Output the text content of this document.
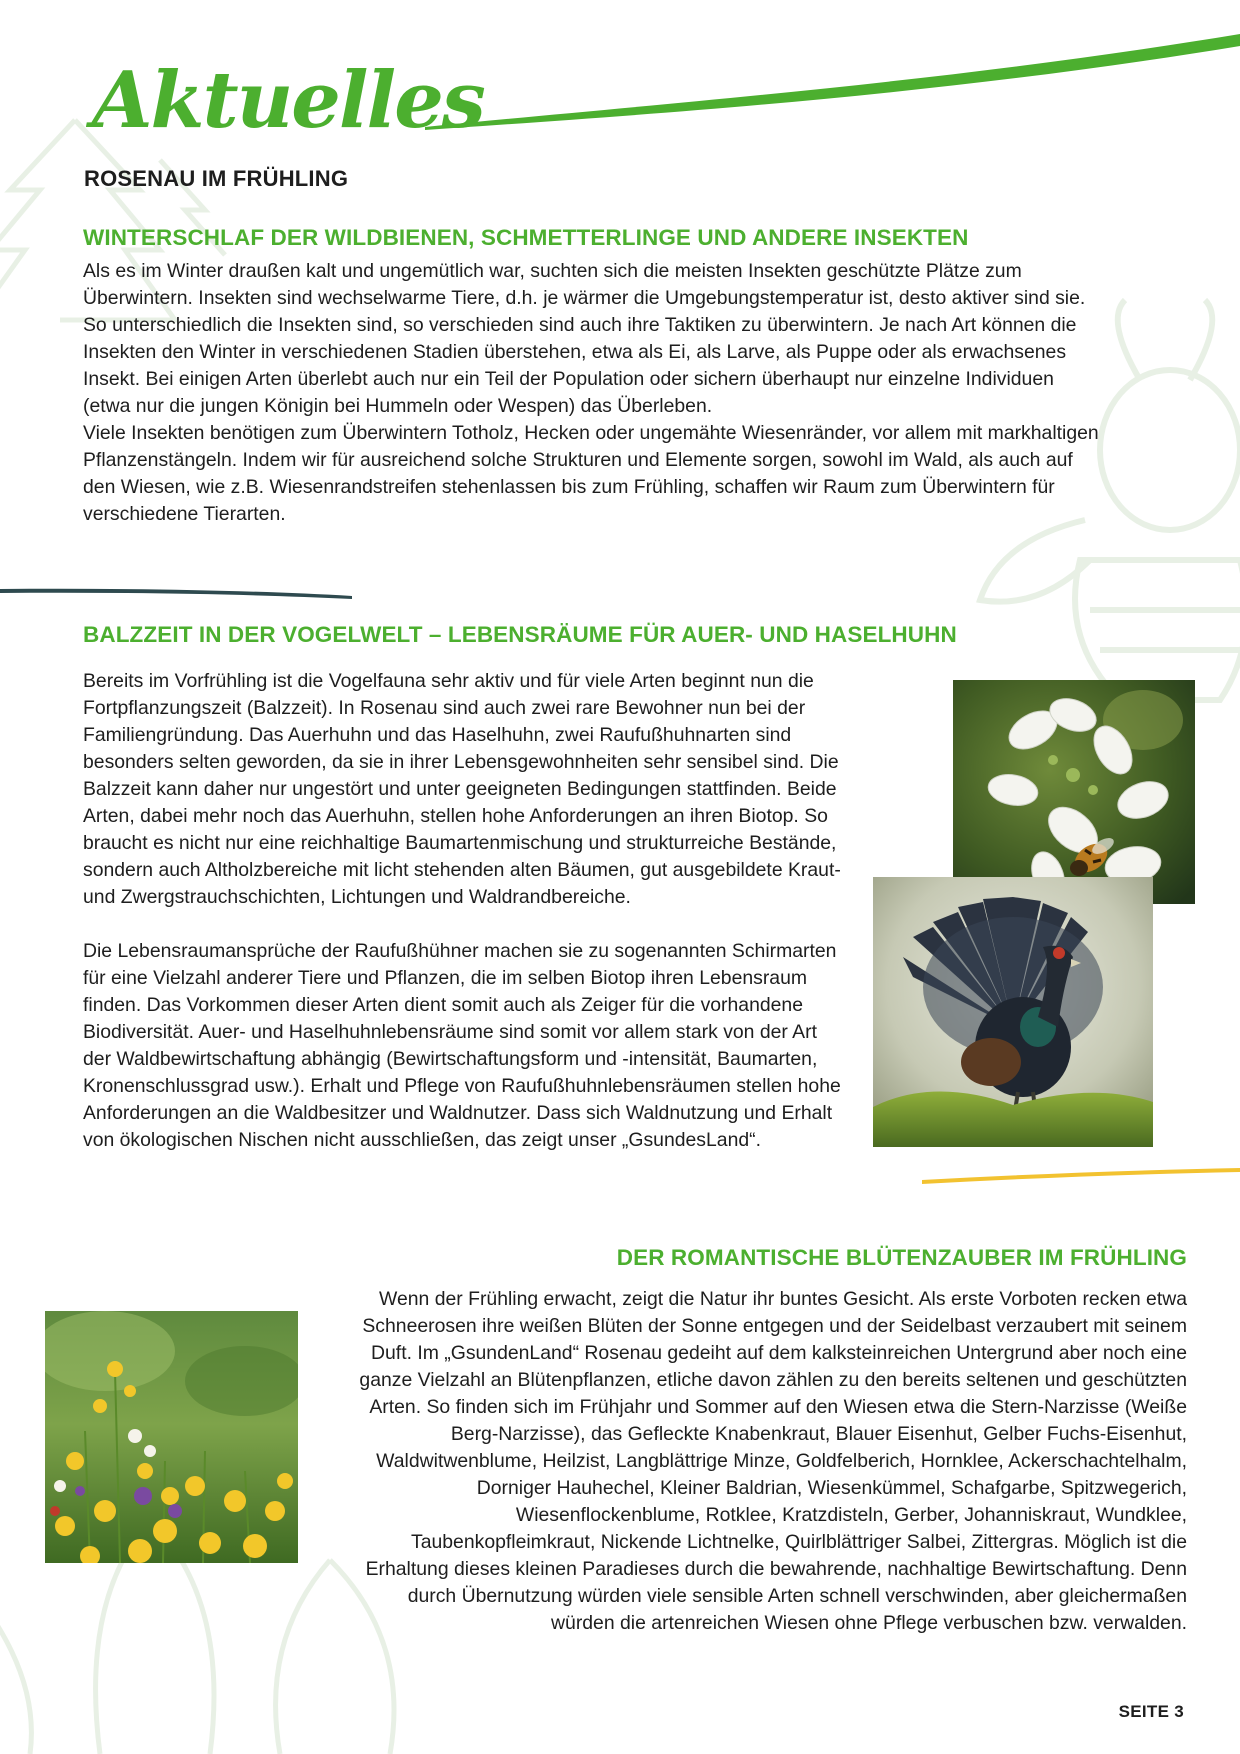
Aktuelles
ROSENAU IM FRÜHLING
WINTERSCHLAF DER WILDBIENEN, SCHMETTERLINGE UND ANDERE INSEKTEN

Als es im Winter draußen kalt und ungemütlich war, suchten sich die meisten Insekten geschützte Plätze zum Überwintern. Insekten sind wechselwarme Tiere, d.h. je wärmer die Umgebungstemperatur ist, desto aktiver sind sie. So unterschiedlich die Insekten sind, so verschieden sind auch ihre Taktiken zu überwintern. Je nach Art können die Insekten den Winter in verschiedenen Stadien überstehen, etwa als Ei, als Larve, als Puppe oder als erwachsenes Insekt. Bei einigen Arten überlebt auch nur ein Teil der Population oder sichern überhaupt nur einzelne Individuen (etwa nur die jungen Königin bei Hummeln oder Wespen) das Überleben.

Viele Insekten benötigen zum Überwintern Totholz, Hecken oder ungemähte Wiesenränder, vor allem mit markhaltigen Pflanzenstängeln. Indem wir für ausreichend solche Strukturen und Elemente sorgen, sowohl im Wald, als auch auf den Wiesen, wie z.B. Wiesenrandstreifen stehenlassen bis zum Frühling, schaffen wir Raum zum Überwintern für verschiedene Tierarten.

BALZZEIT IN DER VOGELWELT – LEBENSRÄUME FÜR AUER- UND HASELHUHN

Bereits im Vorfrühling ist die Vogelfauna sehr aktiv und für viele Arten beginnt nun die Fortpflanzungszeit (Balzzeit). In Rosenau sind auch zwei rare Bewohner nun bei der Familiengründung. Das Auerhuhn und das Haselhuhn, zwei Raufußhuhnarten sind besonders selten geworden, da sie in ihrer Lebensgewohnheiten sehr sensibel sind. Die Balzzeit kann daher nur ungestört und unter geeigneten Bedingungen stattfinden. Beide Arten, dabei mehr noch das Auerhuhn, stellen hohe Anforderungen an ihren Biotop. So braucht es nicht nur eine reichhaltige Baumartenmischung und strukturreiche Bestände, sondern auch Altholzbereiche mit licht stehenden alten Bäumen, gut ausgebildete Kraut- und Zwergstrauchschichten, Lichtungen und Waldrandbereiche.

Die Lebensraumansprüche der Raufußhühner machen sie zu sogenannten Schirmarten für eine Vielzahl anderer Tiere und Pflanzen, die im selben Biotop ihren Lebensraum finden. Das Vorkommen dieser Arten dient somit auch als Zeiger für die vorhandene Biodiversität. Auer- und Haselhuhnlebensräume sind somit vor allem stark von der Art der Waldbewirtschaftung abhängig (Bewirtschaftungsform und -intensität, Baumarten, Kronenschlussgrad usw.). Erhalt und Pflege von Raufußhuhnlebensräumen stellen hohe Anforderungen an die Waldbesitzer und Waldnutzer. Dass sich Waldnutzung und Erhalt von ökologischen Nischen nicht ausschließen, das zeigt unser „GsundesLand“.

DER ROMANTISCHE BLÜTENZAUBER IM FRÜHLING

Wenn der Frühling erwacht, zeigt die Natur ihr buntes Gesicht. Als erste Vorboten recken etwa Schneerosen ihre weißen Blüten der Sonne entgegen und der Seidelbast verzaubert mit seinem Duft. Im „GsundenLand“ Rosenau gedeiht auf dem kalksteinreichen Untergrund aber noch eine ganze Vielzahl an Blütenpflanzen, etliche davon zählen zu den bereits seltenen und geschützten Arten. So finden sich im Frühjahr und Sommer auf den Wiesen etwa die Stern-Narzisse (Weiße Berg-Narzisse), das Gefleckte Knabenkraut, Blauer Eisenhut, Gelber Fuchs-Eisenhut, Waldwitwenblume, Heilzist, Langblättrige Minze, Goldfelberich, Hornklee, Ackerschachtelhalm, Dorniger Hauhechel, Kleiner Baldrian, Wiesenkümmel, Schafgarbe, Spitzwegerich, Wiesenflockenblume, Rotklee, Kratzdisteln, Gerber, Johanniskraut, Wundklee, Taubenkopfleimkraut, Nickende Lichtnelke, Quirlblättriger Salbei, Zittergras. Möglich ist die Erhaltung dieses kleinen Paradieses durch die bewahrende, nachhaltige Bewirtschaftung. Denn durch Übernutzung würden viele sensible Arten schnell verschwinden, aber gleichermaßen würden die artenreichen Wiesen ohne Pflege verbuschen bzw. verwalden.

SEITE 3
